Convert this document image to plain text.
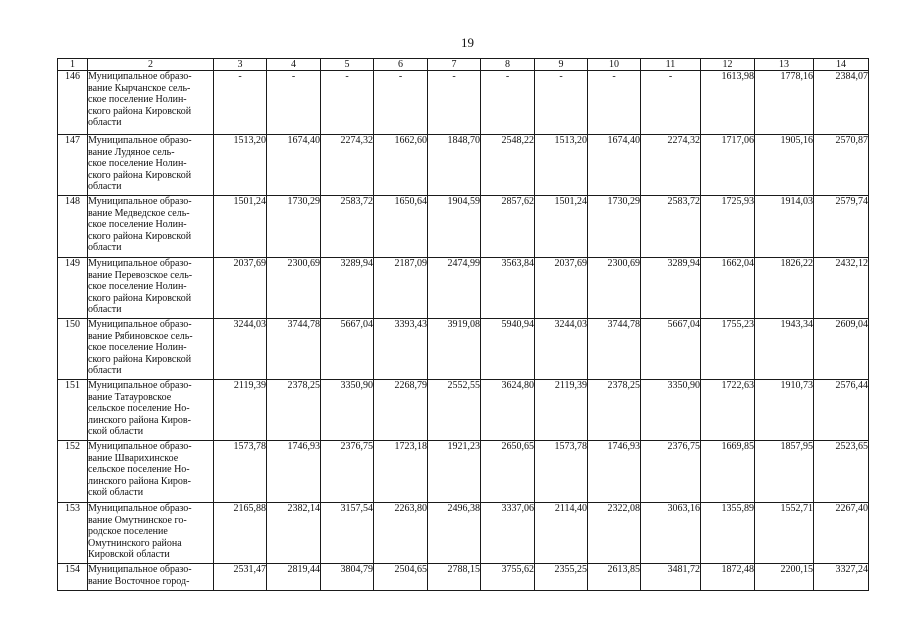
19
1	2	3	4	5	6	7	8	9	10	11	12	13	14
146	Муниципальное образо-
вание Кырчанское сель-
ское поселение Нолин-
ского района Кировской
области	-	-	-	-	-	-	-	-	-	1613,98	1778,16	2384,07
147	Муниципальное образо-
вание Лудяное сель-
ское поселение Нолин-
ского района Кировской
области	1513,20	1674,40	2274,32	1662,60	1848,70	2548,22	1513,20	1674,40	2274,32	1717,06	1905,16	2570,87
148	Муниципальное образо-
вание Медведское сель-
ское поселение Нолин-
ского района Кировской
области	1501,24	1730,29	2583,72	1650,64	1904,59	2857,62	1501,24	1730,29	2583,72	1725,93	1914,03	2579,74
149	Муниципальное образо-
вание Перевозское сель-
ское поселение Нолин-
ского района Кировской
области	2037,69	2300,69	3289,94	2187,09	2474,99	3563,84	2037,69	2300,69	3289,94	1662,04	1826,22	2432,12
150	Муниципальное образо-
вание Рябиновское сель-
ское поселение Нолин-
ского района Кировской
области	3244,03	3744,78	5667,04	3393,43	3919,08	5940,94	3244,03	3744,78	5667,04	1755,23	1943,34	2609,04
151	Муниципальное образо-
вание Татауровское
сельское поселение Но-
линского района Киров-
ской области	2119,39	2378,25	3350,90	2268,79	2552,55	3624,80	2119,39	2378,25	3350,90	1722,63	1910,73	2576,44
152	Муниципальное образо-
вание Шварихинское
сельское поселение Но-
линского района Киров-
ской области	1573,78	1746,93	2376,75	1723,18	1921,23	2650,65	1573,78	1746,93	2376,75	1669,85	1857,95	2523,65
153	Муниципальное образо-
вание Омутнинское го-
родское поселение
Омутнинского района
Кировской области	2165,88	2382,14	3157,54	2263,80	2496,38	3337,06	2114,40	2322,08	3063,16	1355,89	1552,71	2267,40
154	Муниципальное образо-
вание Восточное город-	2531,47	2819,44	3804,79	2504,65	2788,15	3755,62	2355,25	2613,85	3481,72	1872,48	2200,15	3327,24
